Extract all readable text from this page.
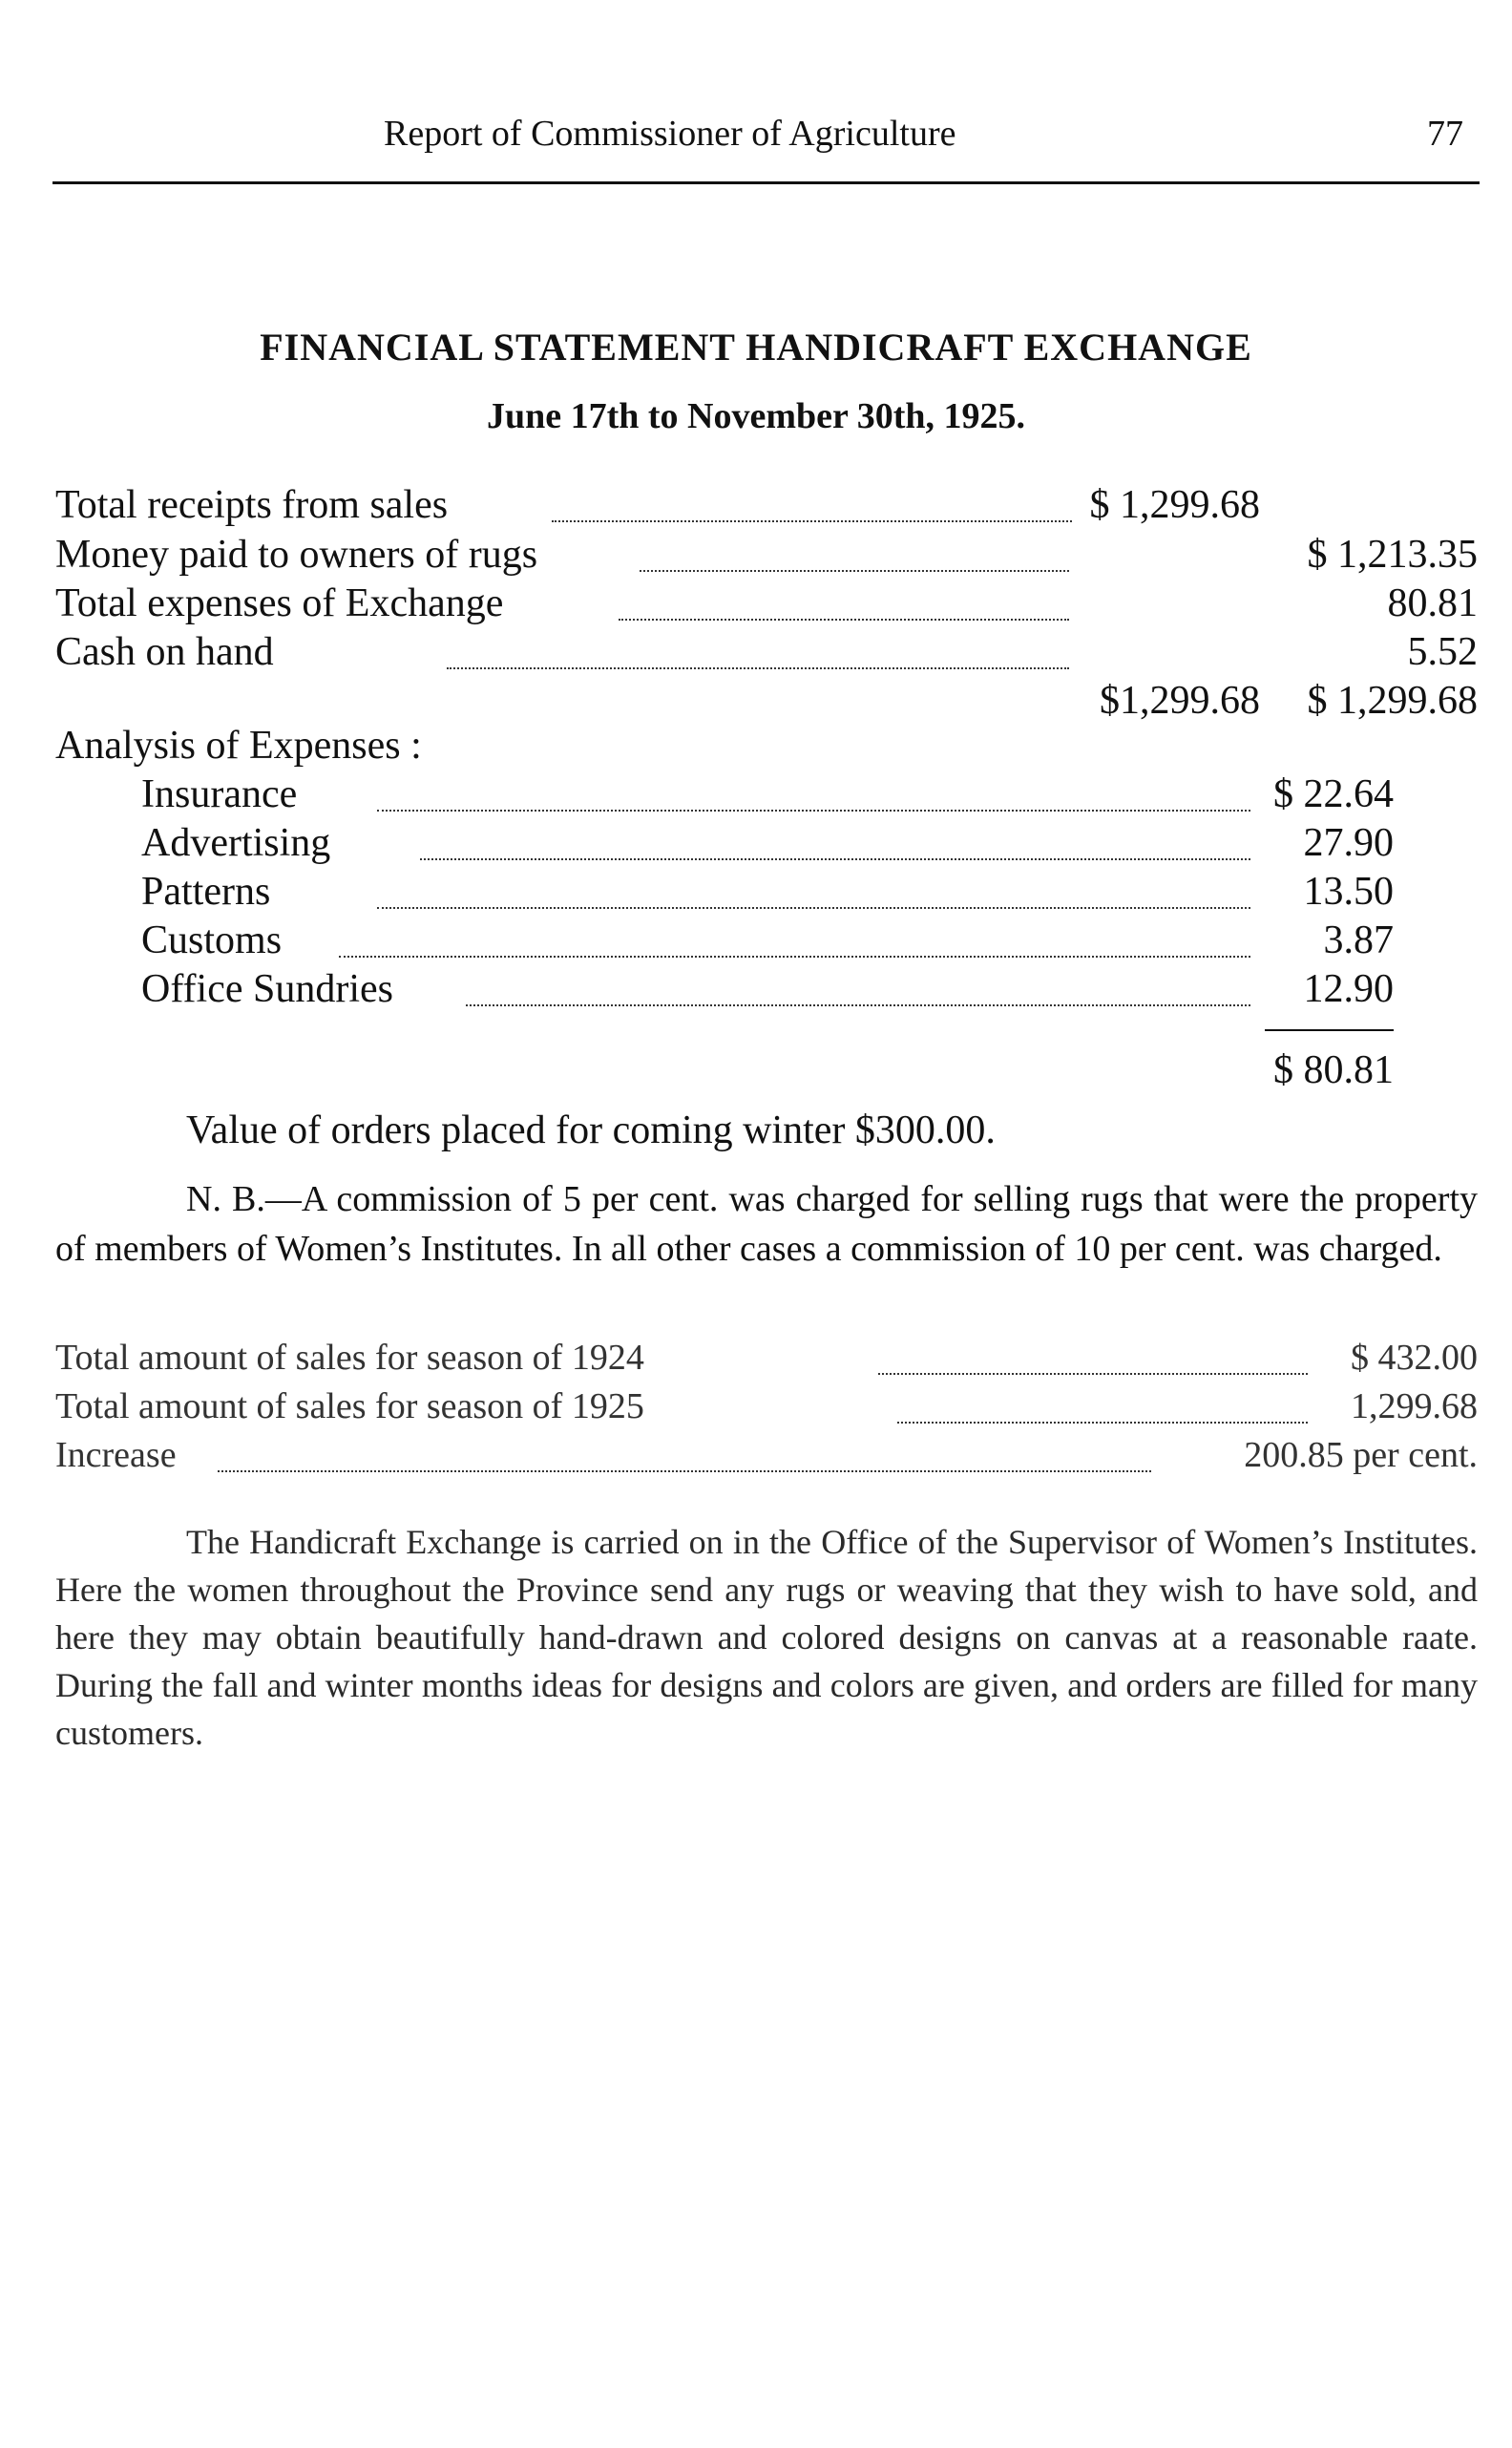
Report of Commissioner of Agriculture	77
FINANCIAL STATEMENT HANDICRAFT EXCHANGE
June 17th to November 30th, 1925.
Total receipts from sales	$ 1,299.68
Money paid to owners of rugs	$ 1,213.35
Total expenses of Exchange	80.81
Cash on hand	5.52
$1,299.68	$ 1,299.68
Analysis of Expenses :
Insurance	$ 22.64
Advertising	27.90
Patterns	13.50
Customs	3.87
Office Sundries	12.90
$ 80.81
Value of orders placed for coming winter $300.00.
N. B.—A commission of 5 per cent. was charged for selling rugs that were the property of members of Women’s Institutes. In all other cases a commission of 10 per cent. was charged.
Total amount of sales for season of 1924	$ 432.00
Total amount of sales for season of 1925	1,299.68
Increase	200.85 per cent.
The Handicraft Exchange is carried on in the Office of the Supervisor of Women’s Institutes. Here the women throughout the Province send any rugs or weaving that they wish to have sold, and here they may obtain beautifully hand-drawn and colored designs on canvas at a reasonable raate. During the fall and winter months ideas for designs and colors are given, and orders are filled for many customers.
